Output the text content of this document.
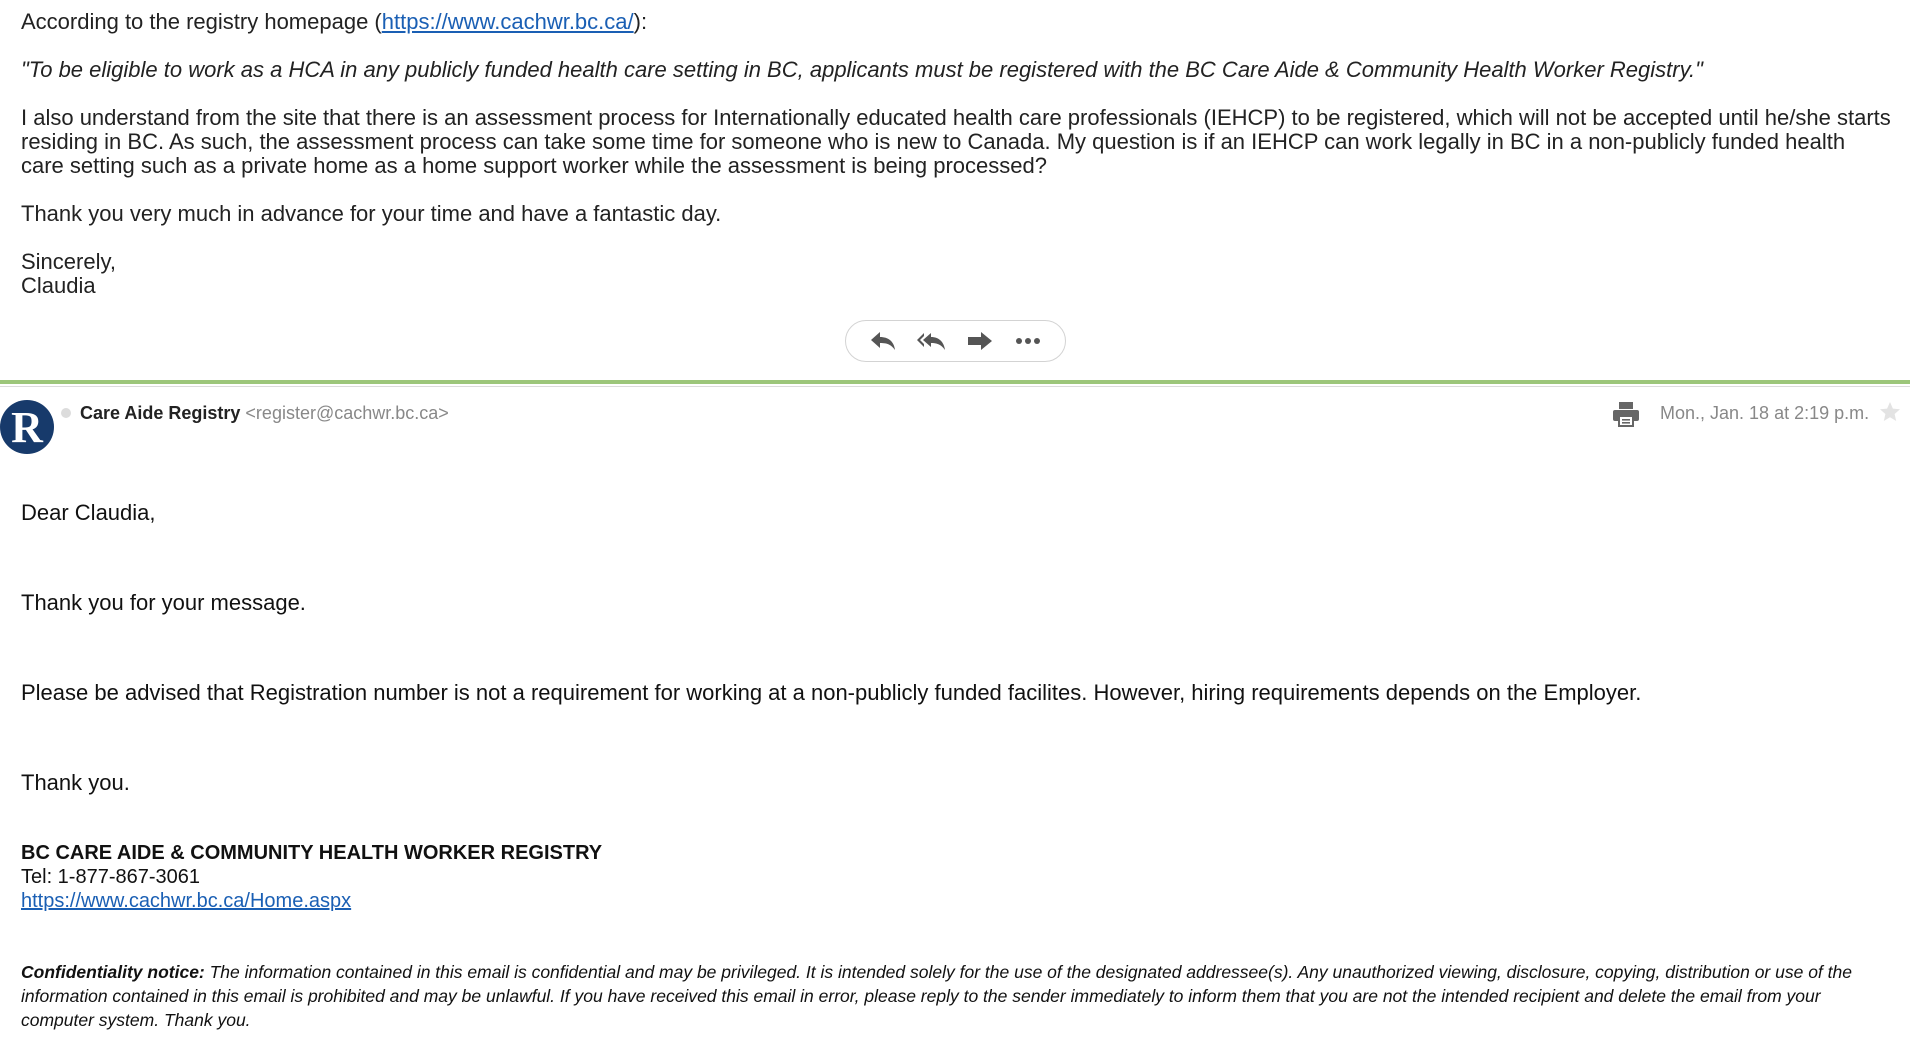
According to the registry homepage (https://www.cachwr.bc.ca/):

"To be eligible to work as a HCA in any publicly funded health care setting in BC, applicants must be registered with the BC Care Aide & Community Health Worker Registry."

I also understand from the site that there is an assessment process for Internationally educated health care professionals (IEHCP) to be registered, which will not be accepted until he/she starts residing in BC. As such, the assessment process can take some time for someone who is new to Canada. My question is if an IEHCP can work legally in BC in a non-publicly funded health care setting such as a private home as a home support worker while the assessment is being processed?

Thank you very much in advance for your time and have a fantastic day.

Sincerely,
Claudia
R Care Aide Registry <register@cachwr.bc.ca>	Mon., Jan. 18 at 2:19 p.m.
Dear Claudia,
Thank you for your message.
Please be advised that Registration number is not a requirement for working at a non-publicly funded facilites. However, hiring requirements depends on the Employer.
Thank you.
BC CARE AIDE & COMMUNITY HEALTH WORKER REGISTRY
Tel: 1-877-867-3061
https://www.cachwr.bc.ca/Home.aspx
Confidentiality notice: The information contained in this email is confidential and may be privileged. It is intended solely for the use of the designated addressee(s). Any unauthorized viewing, disclosure, copying, distribution or use of the information contained in this email is prohibited and may be unlawful. If you have received this email in error, please reply to the sender immediately to inform them that you are not the intended recipient and delete the email from your computer system. Thank you.
